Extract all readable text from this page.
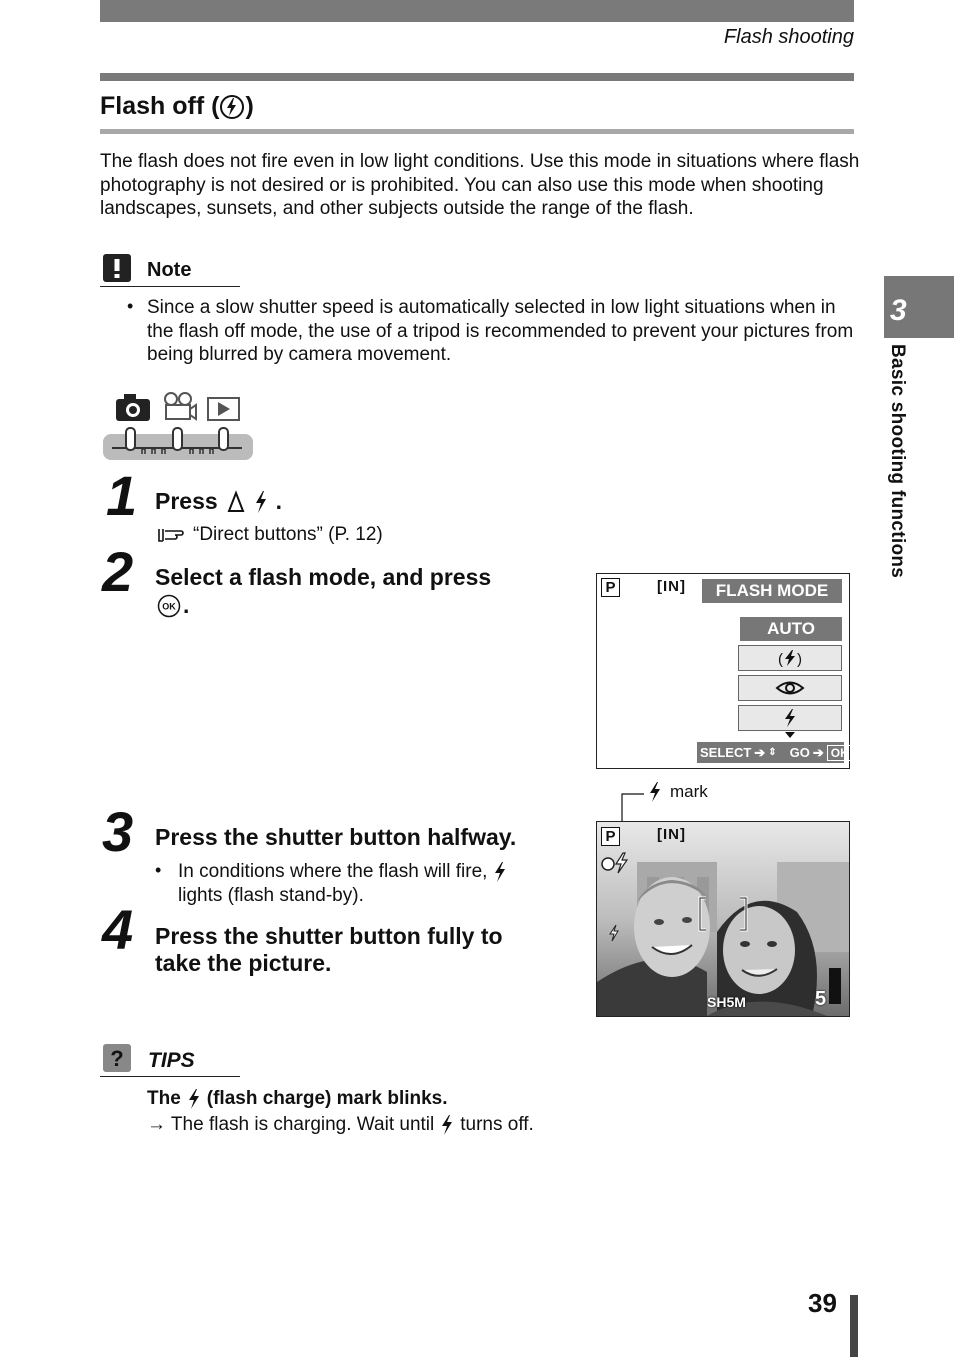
Flash shooting
Flash off ( )
The flash does not fire even in low light conditions. Use this mode in situations where flash photography is not desired or is prohibited. You can also use this mode when shooting landscapes, sunsets, and other subjects outside the range of the flash.
Note
• Since a slow shutter speed is automatically selected in low light situations when in the flash off mode, the use of a tripod is recommended to prevent your pictures from being blurred by camera movement.
3
Basic shooting functions
1 Press	.
“Direct buttons” (P. 12)
2 Select a flash mode, and press
OK .
P	[IN]	FLASH MODE
AUTO
( )
SELECT ➔ ⇕ GO ➔ OK
mark
P	[IN]
SH5M	5
3 Press the shutter button halfway.
• In conditions where the flash will fire,
lights (flash stand-by).
4 Press the shutter button fully to
take the picture.
? TIPS
The (flash charge) mark blinks.
→ The flash is charging. Wait until turns off.
39
